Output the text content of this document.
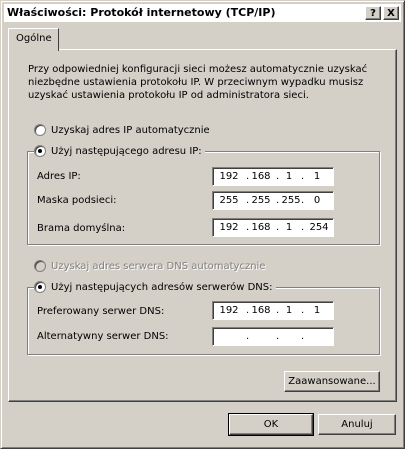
Właściwości: Protokół internetowy (TCP/IP)	?	X
Ogólne
Przy odpowiedniej konfiguracji sieci możesz automatycznie uzyskać
niezbędne ustawienia protokołu IP. W przeciwnym wypadku musisz
uzyskać ustawienia protokołu IP od administratora sieci.
Uzyskaj adres IP automatycznie
Użyj następującego adresu IP:
Adres IP:	192 . 168 . 1 . 1
Maska podsieci:	255 . 255 . 255 . 0
Brama domyślna:	192 . 168 . 1 . 254
Uzyskaj adres serwera DNS automatycznie
Użyj następujących adresów serwerów DNS:
Preferowany serwer DNS:	192 . 168 . 1 . 1
Alternatywny serwer DNS:	.	. .
Zaawansowane...
OK	Anuluj
